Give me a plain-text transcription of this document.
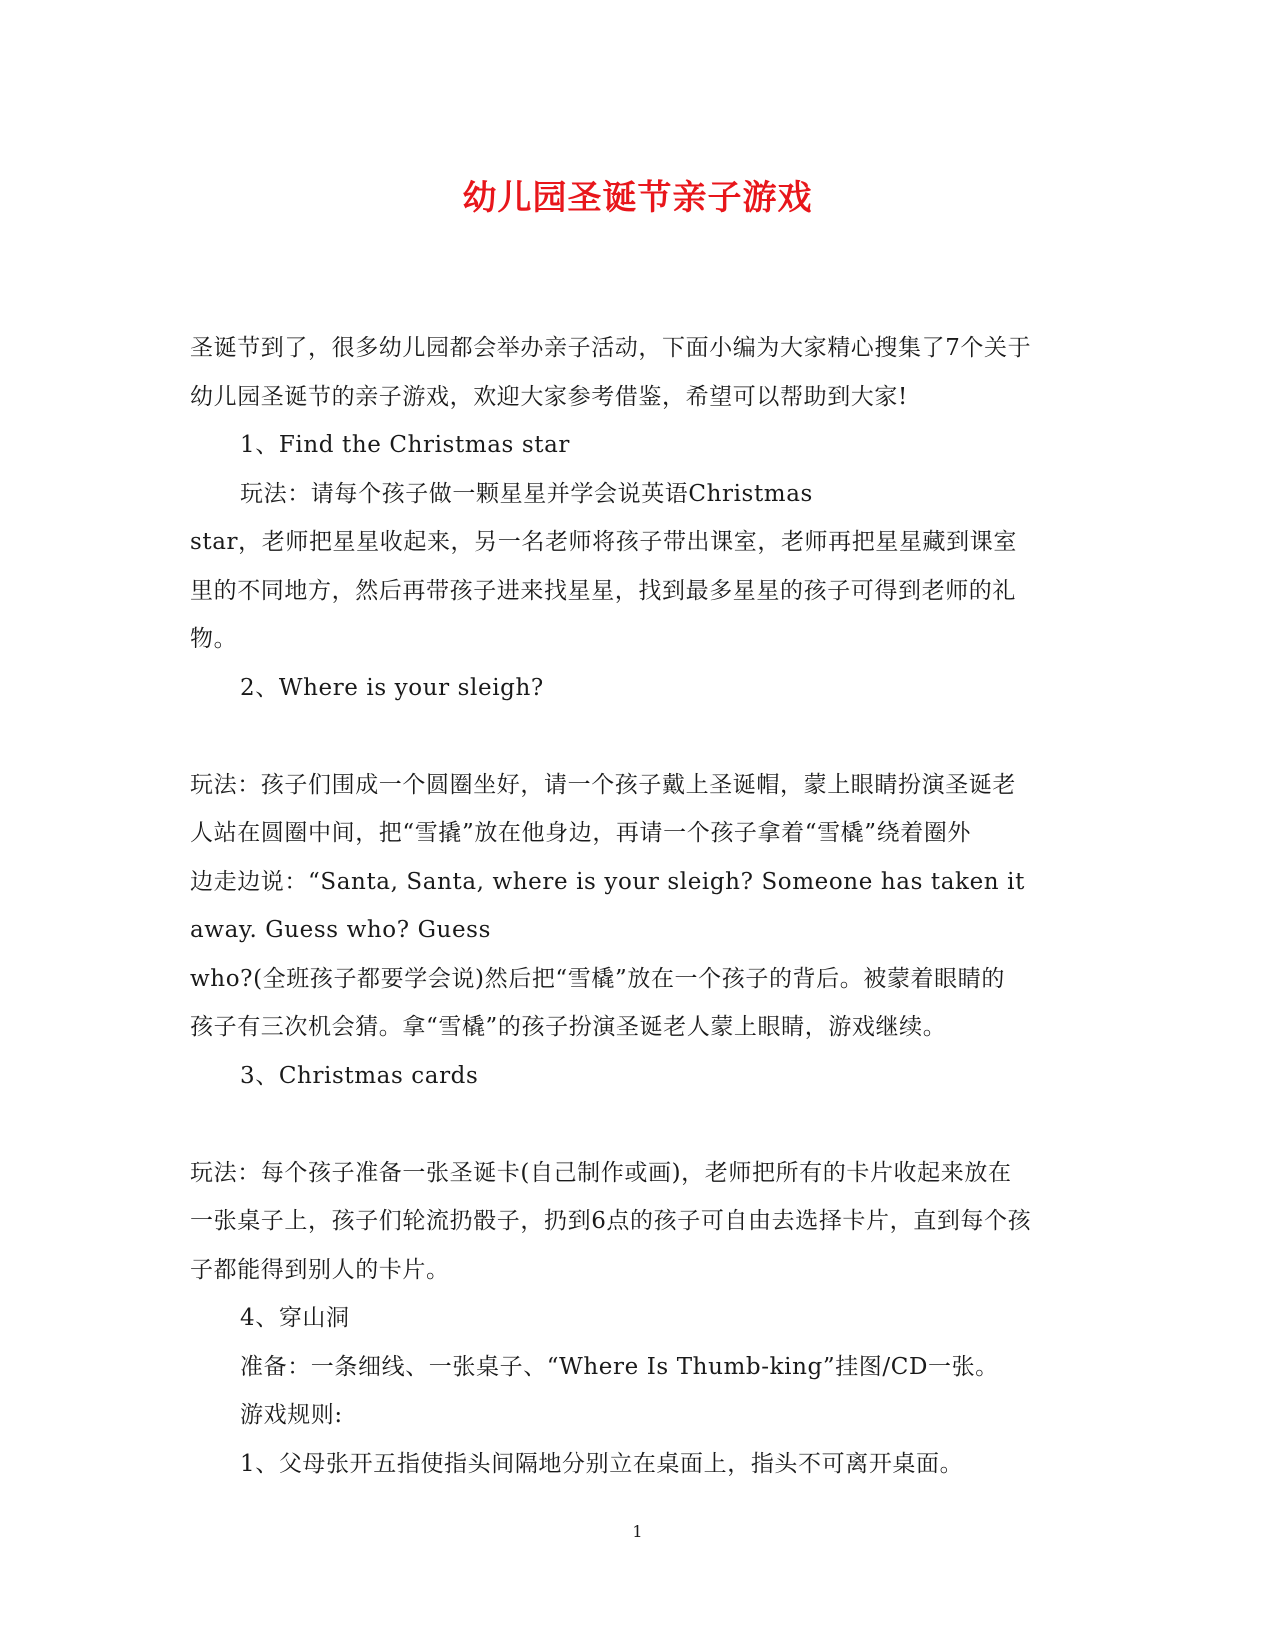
幼儿园圣诞节亲子游戏
圣诞节到了，很多幼儿园都会举办亲子活动，下面小编为大家精心搜集了7个关于
幼儿园圣诞节的亲子游戏，欢迎大家参考借鉴，希望可以帮助到大家!
1、Find the Christmas star
玩法：请每个孩子做一颗星星并学会说英语Christmas
star，老师把星星收起来，另一名老师将孩子带出课室，老师再把星星藏到课室
里的不同地方，然后再带孩子进来找星星，找到最多星星的孩子可得到老师的礼
物。
2、Where is your sleigh?
玩法：孩子们围成一个圆圈坐好，请一个孩子戴上圣诞帽，蒙上眼睛扮演圣诞老
人站在圆圈中间，把“雪撬”放在他身边，再请一个孩子拿着“雪橇”绕着圈外
边走边说：“Santa, Santa, where is your sleigh? Someone has taken it
away. Guess who? Guess
who?(全班孩子都要学会说)然后把“雪橇”放在一个孩子的背后。被蒙着眼睛的
孩子有三次机会猜。拿“雪橇”的孩子扮演圣诞老人蒙上眼睛，游戏继续。
3、Christmas cards
玩法：每个孩子准备一张圣诞卡(自己制作或画)，老师把所有的卡片收起来放在
一张桌子上，孩子们轮流扔骰子，扔到6点的孩子可自由去选择卡片，直到每个孩
子都能得到别人的卡片。
4、穿山洞
准备：一条细线、一张桌子、“Where Is Thumb-king”挂图/CD一张。
游戏规则:
1、父母张开五指使指头间隔地分别立在桌面上，指头不可离开桌面。
1
